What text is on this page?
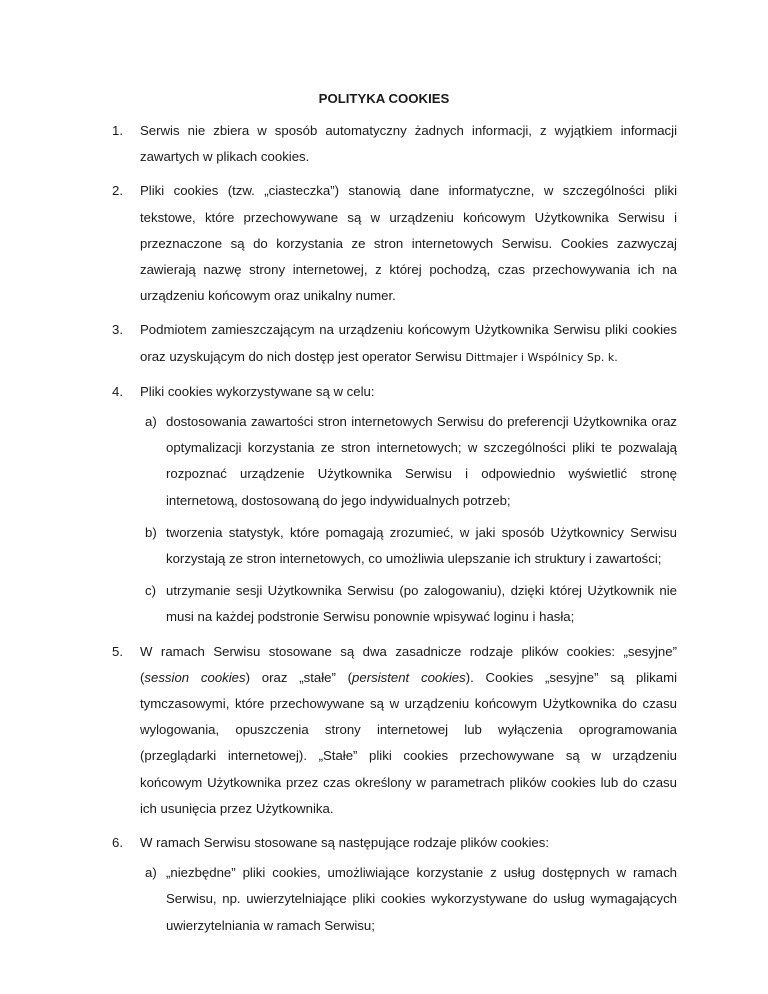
POLITYKA COOKIES
1. Serwis nie zbiera w sposób automatyczny żadnych informacji, z wyjątkiem informacji zawartych w plikach cookies.
2. Pliki cookies (tzw. „ciasteczka”) stanowią dane informatyczne, w szczególności pliki tekstowe, które przechowywane są w urządzeniu końcowym Użytkownika Serwisu i przeznaczone są do korzystania ze stron internetowych Serwisu. Cookies zazwyczaj zawierają nazwę strony internetowej, z której pochodzą, czas przechowywania ich na urządzeniu końcowym oraz unikalny numer.
3. Podmiotem zamieszczającym na urządzeniu końcowym Użytkownika Serwisu pliki cookies oraz uzyskującym do nich dostęp jest operator Serwisu Dittmajer i Wspólnicy Sp. k.
4. Pliki cookies wykorzystywane są w celu:
a) dostosowania zawartości stron internetowych Serwisu do preferencji Użytkownika oraz optymalizacji korzystania ze stron internetowych; w szczególności pliki te pozwalają rozpoznać urządzenie Użytkownika Serwisu i odpowiednio wyświetlić stronę internetową, dostosowaną do jego indywidualnych potrzeb;
b) tworzenia statystyk, które pomagają zrozumieć, w jaki sposób Użytkownicy Serwisu korzystają ze stron internetowych, co umożliwia ulepszanie ich struktury i zawartości;
c) utrzymanie sesji Użytkownika Serwisu (po zalogowaniu), dzięki której Użytkownik nie musi na każdej podstronie Serwisu ponownie wpisywać loginu i hasła;
5. W ramach Serwisu stosowane są dwa zasadnicze rodzaje plików cookies: „sesyjne” (session cookies) oraz „stałe” (persistent cookies). Cookies „sesyjne” są plikami tymczasowymi, które przechowywane są w urządzeniu końcowym Użytkownika do czasu wylogowania, opuszczenia strony internetowej lub wyłączenia oprogramowania (przeglądarki internetowej). „Stałe” pliki cookies przechowywane są w urządzeniu końcowym Użytkownika przez czas określony w parametrach plików cookies lub do czasu ich usunięcia przez Użytkownika.
6. W ramach Serwisu stosowane są następujące rodzaje plików cookies:
a) „niezbędne” pliki cookies, umożliwiające korzystanie z usług dostępnych w ramach Serwisu, np. uwierzytelniające pliki cookies wykorzystywane do usług wymagających uwierzytelniania w ramach Serwisu;
